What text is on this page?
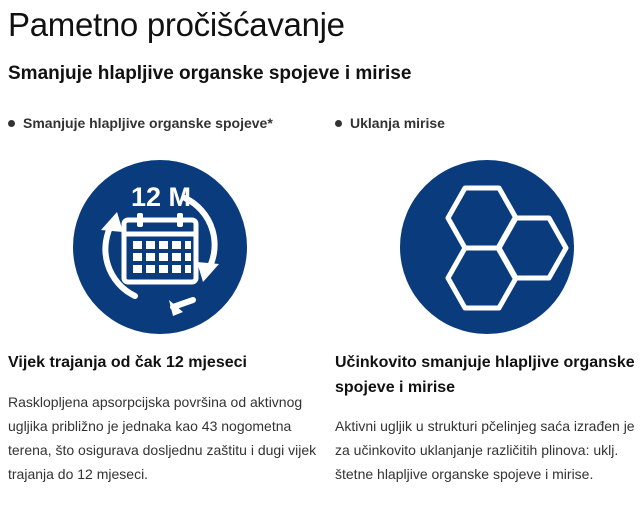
Pametno pročišćavanje
Smanjuje hlapljive organske spojeve i mirise
Smanjuje hlapljive organske spojeve*	Uklanja mirise
12 M
Vijek trajanja od čak 12 mjeseci	Učinkovito smanjuje hlapljive organske spojeve i mirise

Rasklopljena apsorpcijska površina od aktivnog ugljika približno je jednaka kao 43 nogometna terena, što osigurava dosljednu zaštitu i dugi vijek trajanja do 12 mjeseci.

Aktivni ugljik u strukturi pčelinjeg saća izrađen je za učinkovito uklanjanje različitih plinova: uklj. štetne hlapljive organske spojeve i mirise.
